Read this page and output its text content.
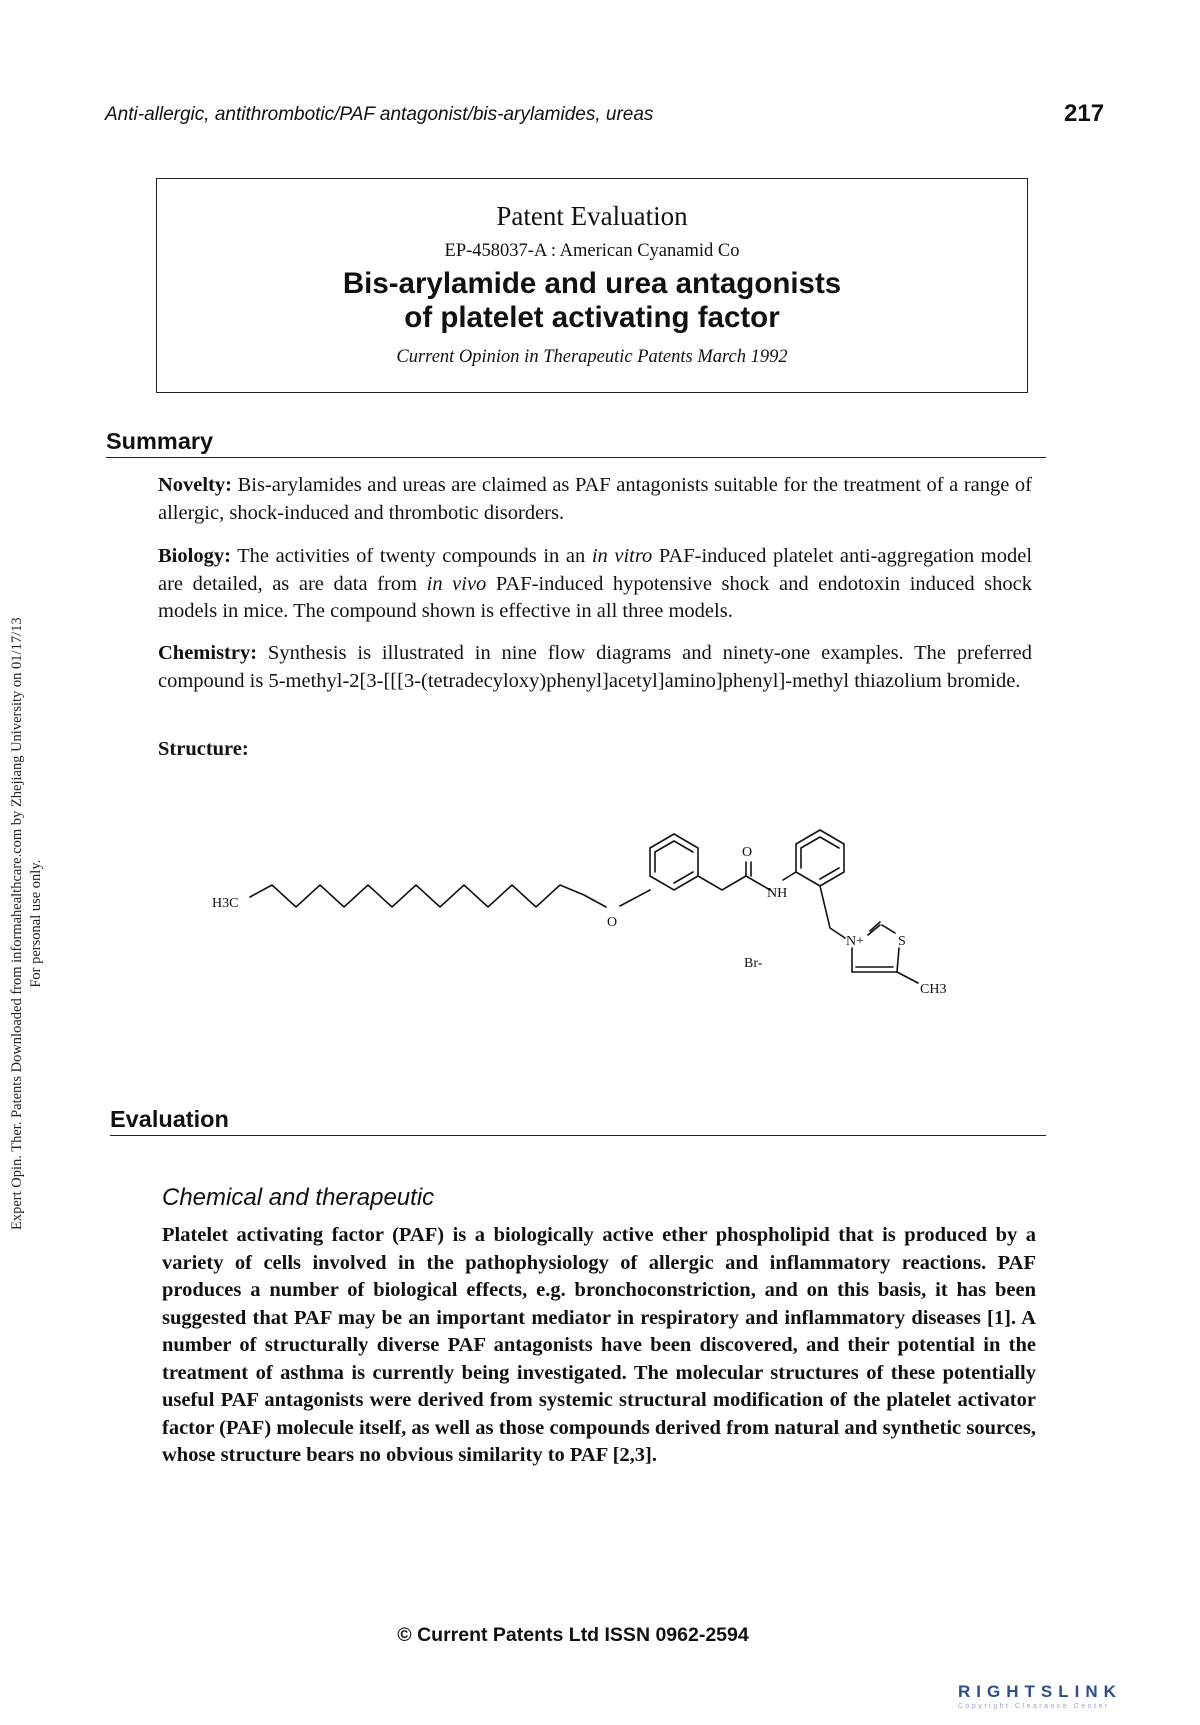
Anti-allergic, antithrombotic/PAF antagonist/bis-arylamides, ureas	217
Patent Evaluation
EP-458037-A : American Cyanamid Co
Bis-arylamide and urea antagonists
of platelet activating factor
Current Opinion in Therapeutic Patents March 1992
Summary
Novelty: Bis-arylamides and ureas are claimed as PAF antagonists suitable for the treatment of a range of allergic, shock-induced and thrombotic disorders.
Biology: The activities of twenty compounds in an in vitro PAF-induced platelet anti-aggregation model are detailed, as are data from in vivo PAF-induced hypotensive shock and endotoxin induced shock models in mice. The compound shown is effective in all three models.
Chemistry: Synthesis is illustrated in nine flow diagrams and ninety-one examples. The preferred compound is 5-methyl-2[3-[[[3-(tetradecyloxy)phenyl]acetyl]amino]phenyl]-methyl thiazolium bromide.
Structure:
H3C
O
O
NH
N+ S
Br-
CH3
Evaluation
Chemical and therapeutic
Platelet activating factor (PAF) is a biologically active ether phospholipid that is produced by a variety of cells involved in the pathophysiology of allergic and inflammatory reactions. PAF produces a number of biological effects, e.g. bronchoconstriction, and on this basis, it has been suggested that PAF may be an important mediator in respiratory and inflammatory diseases [1]. A number of structurally diverse PAF antagonists have been discovered, and their potential in the treatment of asthma is currently being investigated. The molecular structures of these potentially useful PAF antagonists were derived from systemic structural modification of the platelet activator factor (PAF) molecule itself, as well as those compounds derived from natural and synthetic sources, whose structure bears no obvious similarity to PAF [2,3].
© Current Patents Ltd ISSN 0962-2594
Expert Opin. Ther. Patents Downloaded from informahealthcare.com by Zhejiang University on 01/17/13 For personal use only.
RIGHTSLINK
Copyright Clearance Center
